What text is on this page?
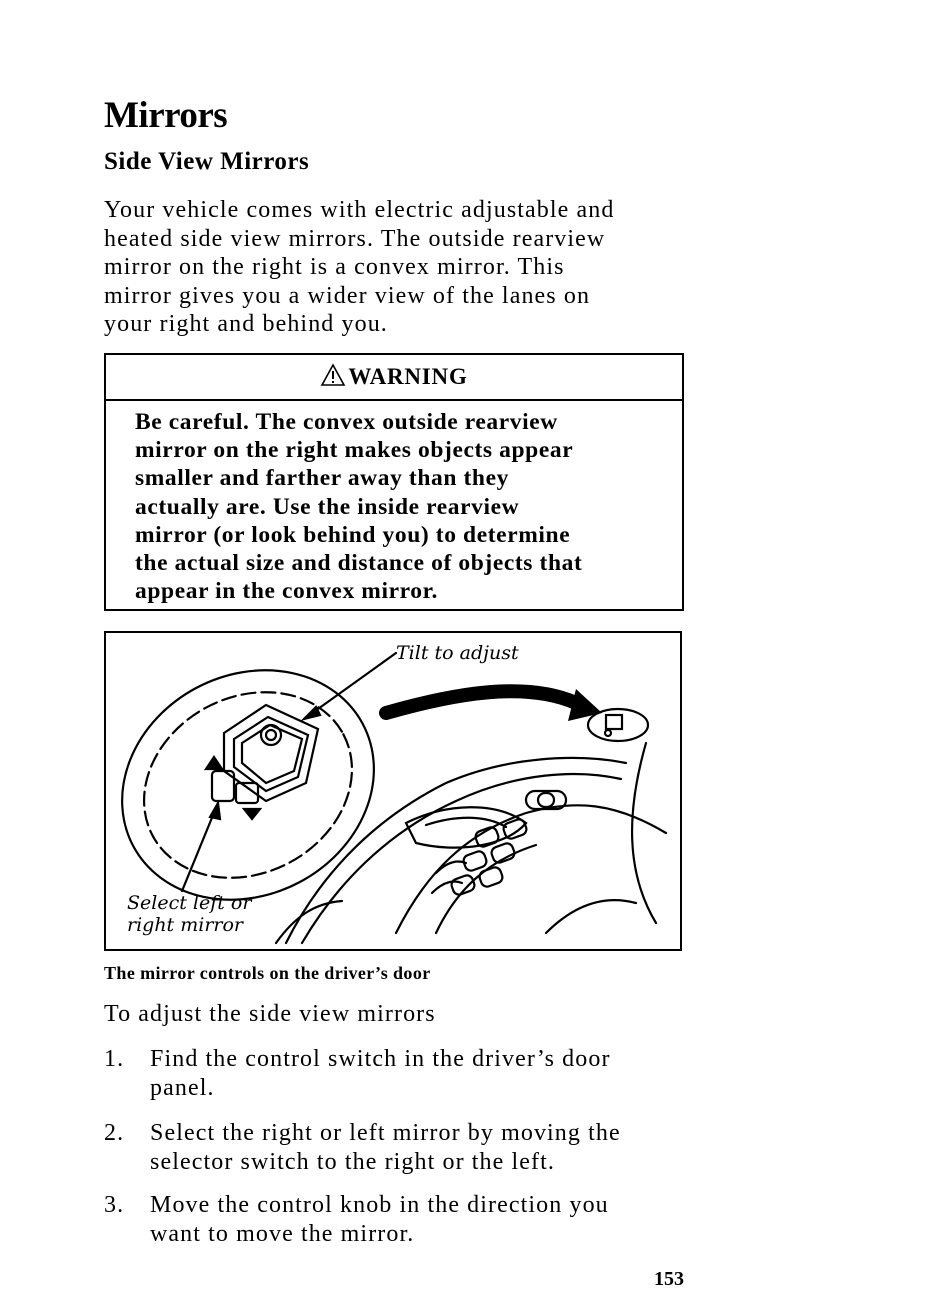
Mirrors
Side View Mirrors
Your vehicle comes with electric adjustable and
heated side view mirrors. The outside rearview
mirror on the right is a convex mirror. This
mirror gives you a wider view of the lanes on
your right and behind you.
WARNING
Be careful. The convex outside rearview
mirror on the right makes objects appear
smaller and farther away than they
actually are. Use the inside rearview
mirror (or look behind you) to determine
the actual size and distance of objects that
appear in the convex mirror.
Tilt to adjust
Select left or
right mirror
The mirror controls on the driver’s door
To adjust the side view mirrors
1. Find the control switch in the driver’s door
panel.
2. Select the right or left mirror by moving the
selector switch to the right or the left.
3. Move the control knob in the direction you
want to move the mirror.
153
